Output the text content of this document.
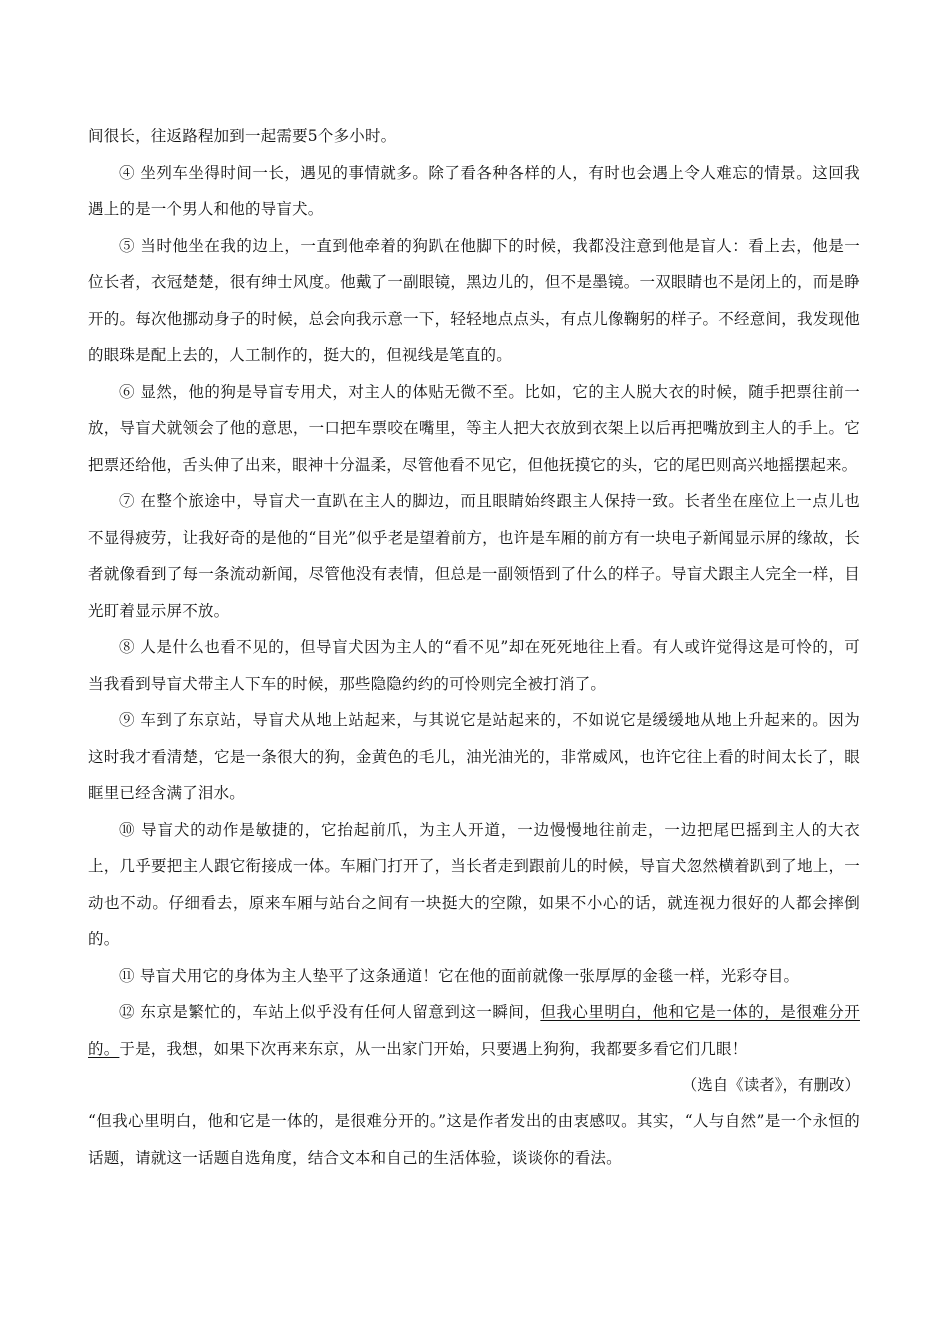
间很长，往返路程加到一起需要5个多小时。

④ 坐列车坐得时间一长，遇见的事情就多。除了看各种各样的人，有时也会遇上令人难忘的情景。这回我遇上的是一个男人和他的导盲犬。

⑤ 当时他坐在我的边上，一直到他牵着的狗趴在他脚下的时候，我都没注意到他是盲人：看上去，他是一位长者，衣冠楚楚，很有绅士风度。他戴了一副眼镜，黑边儿的，但不是墨镜。一双眼睛也不是闭上的，而是睁开的。每次他挪动身子的时候，总会向我示意一下，轻轻地点点头，有点儿像鞠躬的样子。不经意间，我发现他的眼珠是配上去的，人工制作的，挺大的，但视线是笔直的。

⑥ 显然，他的狗是导盲专用犬，对主人的体贴无微不至。比如，它的主人脱大衣的时候，随手把票往前一放，导盲犬就领会了他的意思，一口把车票咬在嘴里，等主人把大衣放到衣架上以后再把嘴放到主人的手上。它把票还给他，舌头伸了出来，眼神十分温柔，尽管他看不见它，但他抚摸它的头，它的尾巴则高兴地摇摆起来。

⑦ 在整个旅途中，导盲犬一直趴在主人的脚边，而且眼睛始终跟主人保持一致。长者坐在座位上一点儿也不显得疲劳，让我好奇的是他的“目光”似乎老是望着前方，也许是车厢的前方有一块电子新闻显示屏的缘故，长者就像看到了每一条流动新闻，尽管他没有表情，但总是一副领悟到了什么的样子。导盲犬跟主人完全一样，目光盯着显示屏不放。

⑧ 人是什么也看不见的，但导盲犬因为主人的“看不见”却在死死地往上看。有人或许觉得这是可怜的，可当我看到导盲犬带主人下车的时候，那些隐隐约约的可怜则完全被打消了。

⑨ 车到了东京站，导盲犬从地上站起来，与其说它是站起来的，不如说它是缓缓地从地上升起来的。因为这时我才看清楚，它是一条很大的狗，金黄色的毛儿，油光油光的，非常威风，也许它往上看的时间太长了，眼眶里已经含满了泪水。

⑩ 导盲犬的动作是敏捷的，它抬起前爪，为主人开道，一边慢慢地往前走，一边把尾巴摇到主人的大衣上，几乎要把主人跟它衔接成一体。车厢门打开了，当长者走到跟前儿的时候，导盲犬忽然横着趴到了地上，一动也不动。仔细看去，原来车厢与站台之间有一块挺大的空隙，如果不小心的话，就连视力很好的人都会摔倒的。

⑪ 导盲犬用它的身体为主人垫平了这条通道！它在他的面前就像一张厚厚的金毯一样，光彩夺目。

⑫ 东京是繁忙的，车站上似乎没有任何人留意到这一瞬间，但我心里明白，他和它是一体的，是很难分开的。于是，我想，如果下次再来东京，从一出家门开始，只要遇上狗狗，我都要多看它们几眼！

（选自《读者》，有删改）

“但我心里明白，他和它是一体的，是很难分开的。”这是作者发出的由衷感叹。其实，“人与自然”是一个永恒的话题，请就这一话题自选角度，结合文本和自己的生活体验，谈谈你的看法。
